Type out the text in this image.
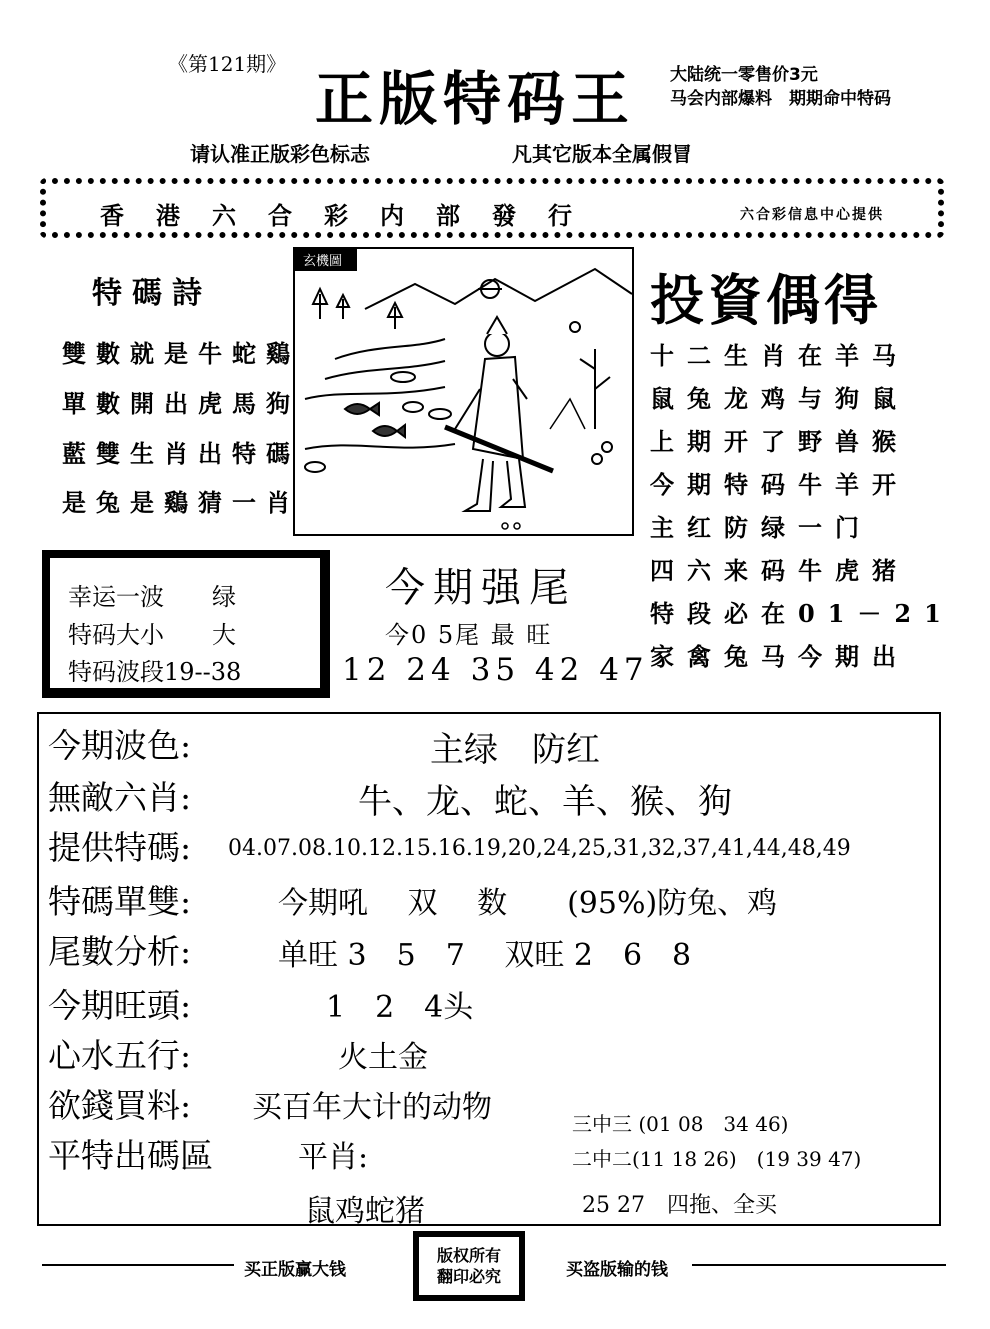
《第121期》
正版特码王 大陆统一零售价3元
马会内部爆料　期期命中特码
请认准正版彩色标志	凡其它版本全属假冒
香港六合彩内部發行	六合彩信息中心提供
特碼詩
雙數就是牛蛇鷄
單數開出虎馬狗
藍雙生肖出特碼
是兔是鷄猜一肖
玄機圖
投資偶得
十二生肖在羊马
鼠兔龙鸡与狗鼠
上期开了野兽猴
今期特码牛羊开
主红防绿一门
四六来码牛虎猪
特段必在01－21
家禽兔马今期出
幸运一波　　绿
特码大小　　大
特码波段19--38
今期强尾
今0 5尾 最 旺
12 24 35 42 47
今期波色:	主绿　防红
無敵六肖:	牛、龙、蛇、羊、猴、狗
提供特碼: 04.07.08.10.12.15.16.19,20,24,25,31,32,37,41,44,48,49
特碼單雙:	今期吼　 双　 数　　(95%)防兔、鸡
尾數分析:	单旺 3　5　7　 双旺 2　6　8
今期旺頭:	1　2　4头
心水五行:	火土金
欲錢買料: 买百年大计的动物
平特出碼區	平肖:
三中三 (01 08　34 46)
二中二(11 18 26)　(19 39 47)
鼠鸡蛇猪	25 27　四拖、全买
买正版赢大钱	买盗版输的钱
版权所有
翻印必究
